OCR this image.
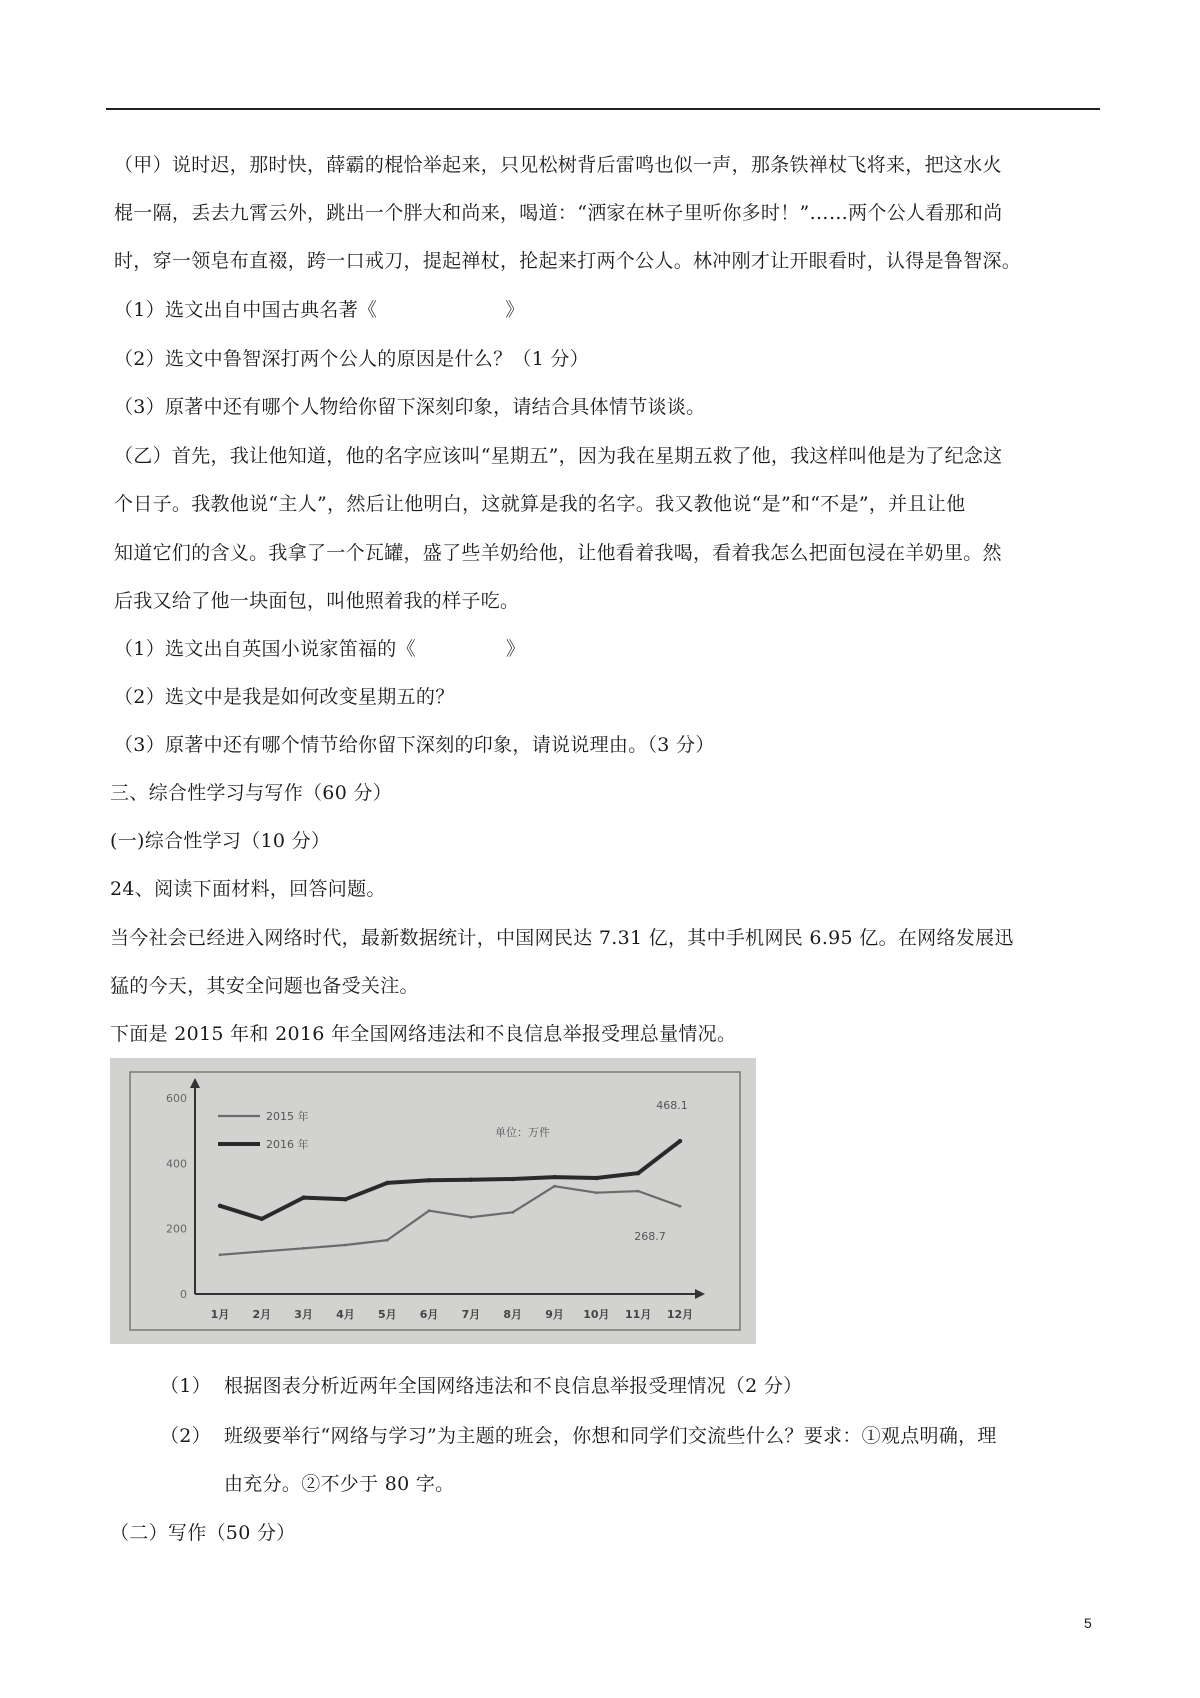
（甲）说时迟，那时快，薛霸的棍恰举起来，只见松树背后雷鸣也似一声，那条铁禅杖飞将来，把这水火
棍一隔，丢去九霄云外，跳出一个胖大和尚来，喝道：“洒家在林子里听你多时！”……两个公人看那和尚
时，穿一领皂布直裰，跨一口戒刀，提起禅杖，抡起来打两个公人。林冲刚才让开眼看时，认得是鲁智深。
（1）选文出自中国古典名著《	》
（2）选文中鲁智深打两个公人的原因是什么？（1 分）
（3）原著中还有哪个人物给你留下深刻印象，请结合具体情节谈谈。
（乙）首先，我让他知道，他的名字应该叫“星期五”，因为我在星期五救了他，我这样叫他是为了纪念这
个日子。我教他说“主人”，然后让他明白，这就算是我的名字。我又教他说“是”和“不是”，并且让他
知道它们的含义。我拿了一个瓦罐，盛了些羊奶给他，让他看着我喝，看着我怎么把面包浸在羊奶里。然
后我又给了他一块面包，叫他照着我的样子吃。
（1）选文出自英国小说家笛福的《	》
（2）选文中是我是如何改变星期五的？
（3）原著中还有哪个情节给你留下深刻的印象，请说说理由。（3 分）
三、综合性学习与写作（60 分）
(一)综合性学习（10 分）
24、阅读下面材料，回答问题。
当今社会已经进入网络时代，最新数据统计，中国网民达 7.31 亿，其中手机网民 6.95 亿。在网络发展迅
猛的今天，其安全问题也备受关注。
下面是 2015 年和 2016 年全国网络违法和不良信息举报受理总量情况。
0
200
400
600
1月 2月 3月 4月 5月 6月 7月 8月 9月 10月 11月 12月
2015 年
2016 年
单位：万件
468.1
268.7
（1） 根据图表分析近两年全国网络违法和不良信息举报受理情况（2 分）
（2） 班级要举行“网络与学习”为主题的班会，你想和同学们交流些什么？要求：①观点明确，理
由充分。②不少于 80 字。
（二）写作（50 分）
5
